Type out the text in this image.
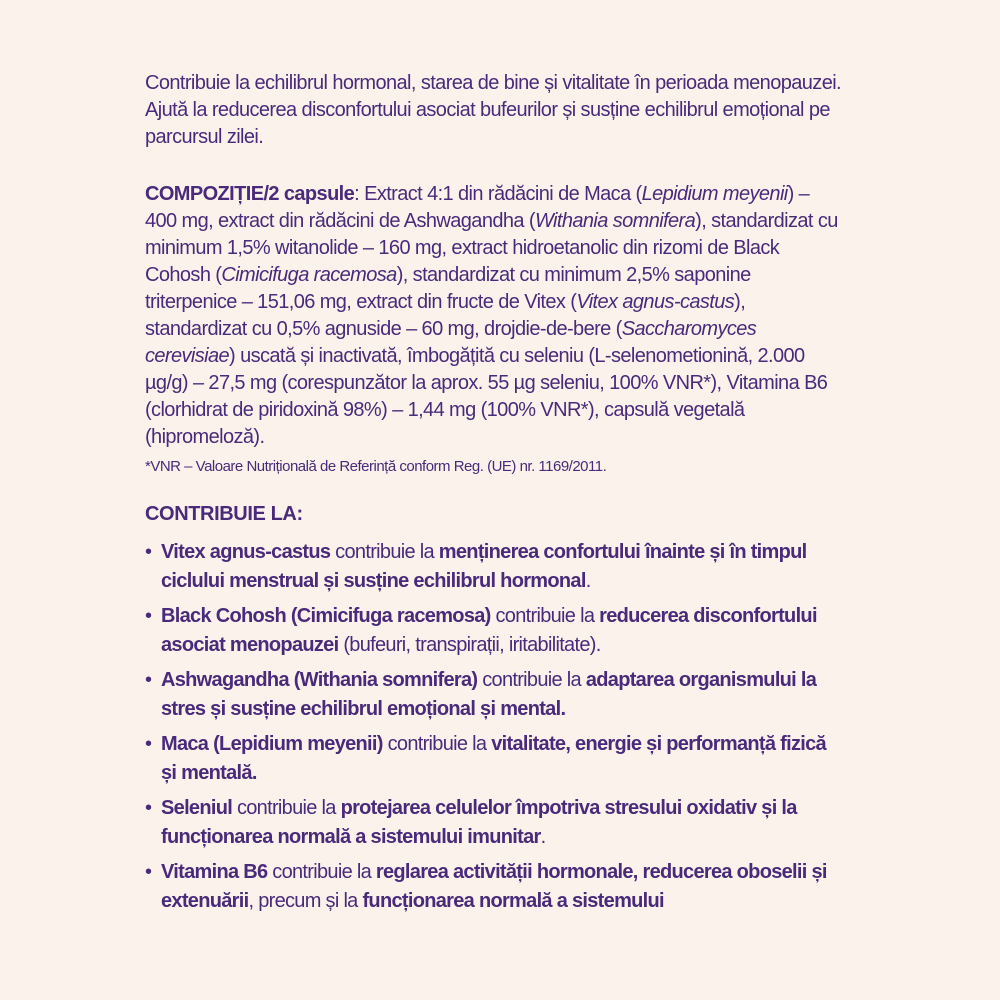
Contribuie la echilibrul hormonal, starea de bine și vitalitate în perioada menopauzei. Ajută la reducerea disconfortului asociat bufeurilor și susține echilibrul emoțional pe parcursul zilei.

COMPOZIȚIE/2 capsule: Extract 4:1 din rădăcini de Maca (Lepidium meyenii) – 400 mg, extract din rădăcini de Ashwagandha (Withania somnifera), standardizat cu minimum 1,5% witanolide – 160 mg, extract hidroetanolic din rizomi de Black Cohosh (Cimicifuga racemosa), standardizat cu minimum 2,5% saponine triterpenice – 151,06 mg, extract din fructe de Vitex (Vitex agnus-castus), standardizat cu 0,5% agnuside – 60 mg, drojdie-de-bere (Saccharomyces cerevisiae) uscată și inactivată, îmbogățită cu seleniu (L-selenometionină, 2.000 µg/g) – 27,5 mg (corespunzător la aprox. 55 µg seleniu, 100% VNR*), Vitamina B6 (clorhidrat de piridoxină 98%) – 1,44 mg (100% VNR*), capsulă vegetală (hipromeloză).

*VNR – Valoare Nutrițională de Referință conform Reg. (UE) nr. 1169/2011.

CONTRIBUIE LA:
• Vitex agnus-castus contribuie la menținerea confortului înainte și în timpul ciclului menstrual și susține echilibrul hormonal.
• Black Cohosh (Cimicifuga racemosa) contribuie la reducerea disconfortului asociat menopauzei (bufeuri, transpirații, iritabilitate).
• Ashwagandha (Withania somnifera) contribuie la adaptarea organismului la stres și susține echilibrul emoțional și mental.
• Maca (Lepidium meyenii) contribuie la vitalitate, energie și performanță fizică și mentală.
• Seleniul contribuie la protejarea celulelor împotriva stresului oxidativ și la funcționarea normală a sistemului imunitar.
• Vitamina B6 contribuie la reglarea activității hormonale, reducerea oboselii și extenuării, precum și la funcționarea normală a sistemului
